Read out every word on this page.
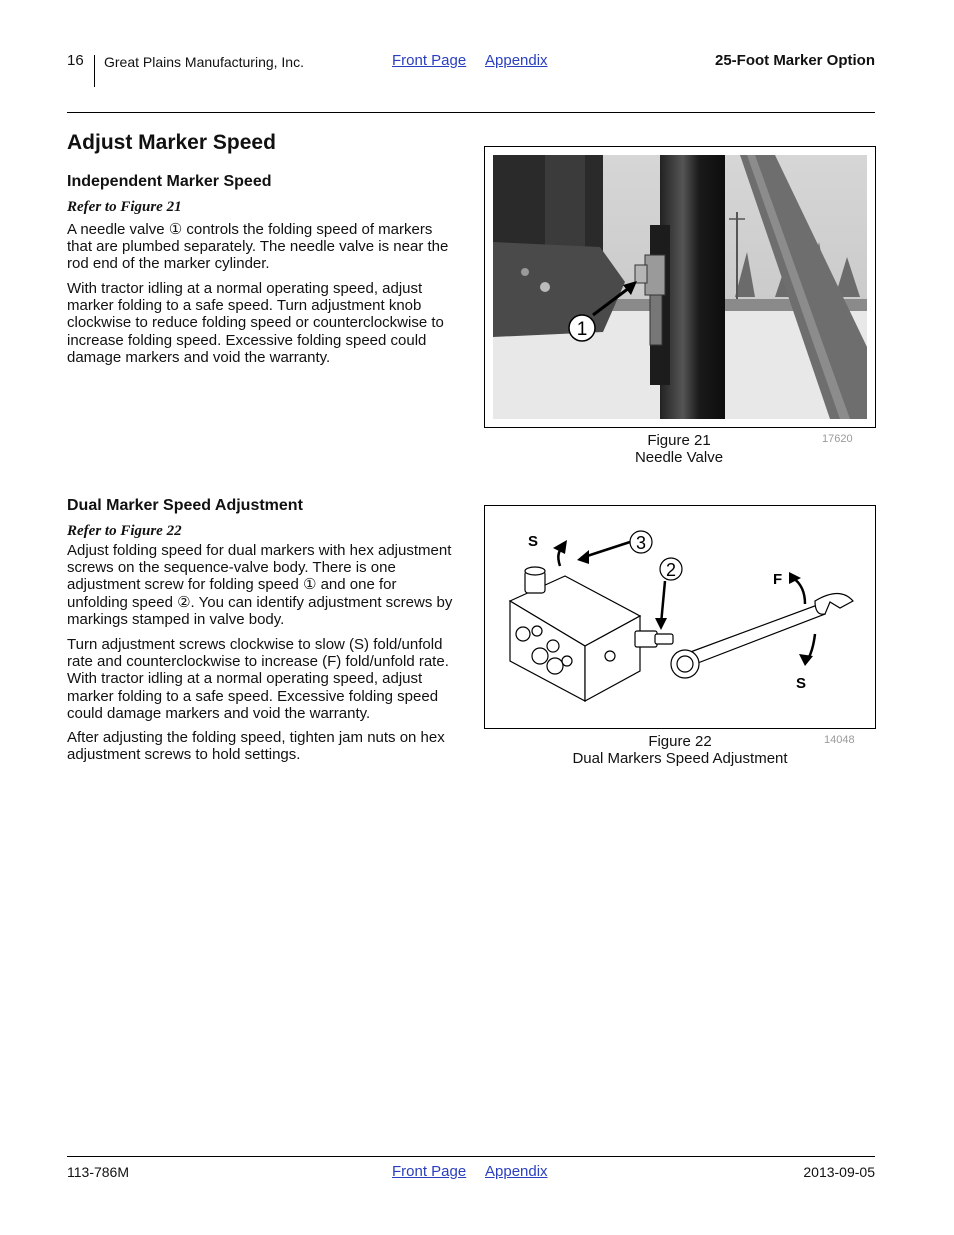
16 Great Plains Manufacturing, Inc.	Front Page Appendix	25-Foot Marker Option
Adjust Marker Speed
Independent Marker Speed
Refer to Figure 21

A needle valve ① controls the folding speed of markers that are plumbed separately. The needle valve is near the rod end of the marker cylinder.

With tractor idling at a normal operating speed, adjust marker folding to a safe speed. Turn adjustment knob clockwise to reduce folding speed or counterclockwise to increase folding speed. Excessive folding speed could damage markers and void the warranty.

Dual Marker Speed Adjustment
Refer to Figure 22

Adjust folding speed for dual markers with hex adjustment screws on the sequence-valve body. There is one adjustment screw for folding speed ① and one for unfolding speed ②. You can identify adjustment screws by markings stamped in valve body.

Turn adjustment screws clockwise to slow (S) fold/unfold rate and counterclockwise to increase (F) fold/unfold rate. With tractor idling at a normal operating speed, adjust marker folding to a safe speed. Excessive folding speed could damage markers and void the warranty.

After adjusting the folding speed, tighten jam nuts on hex adjustment screws to hold settings.

1
Figure 21
Needle Valve
17620
3
2
S
F
S
Figure 22
Dual Markers Speed Adjustment
14048
113-786M	Front Page Appendix	2013-09-05
